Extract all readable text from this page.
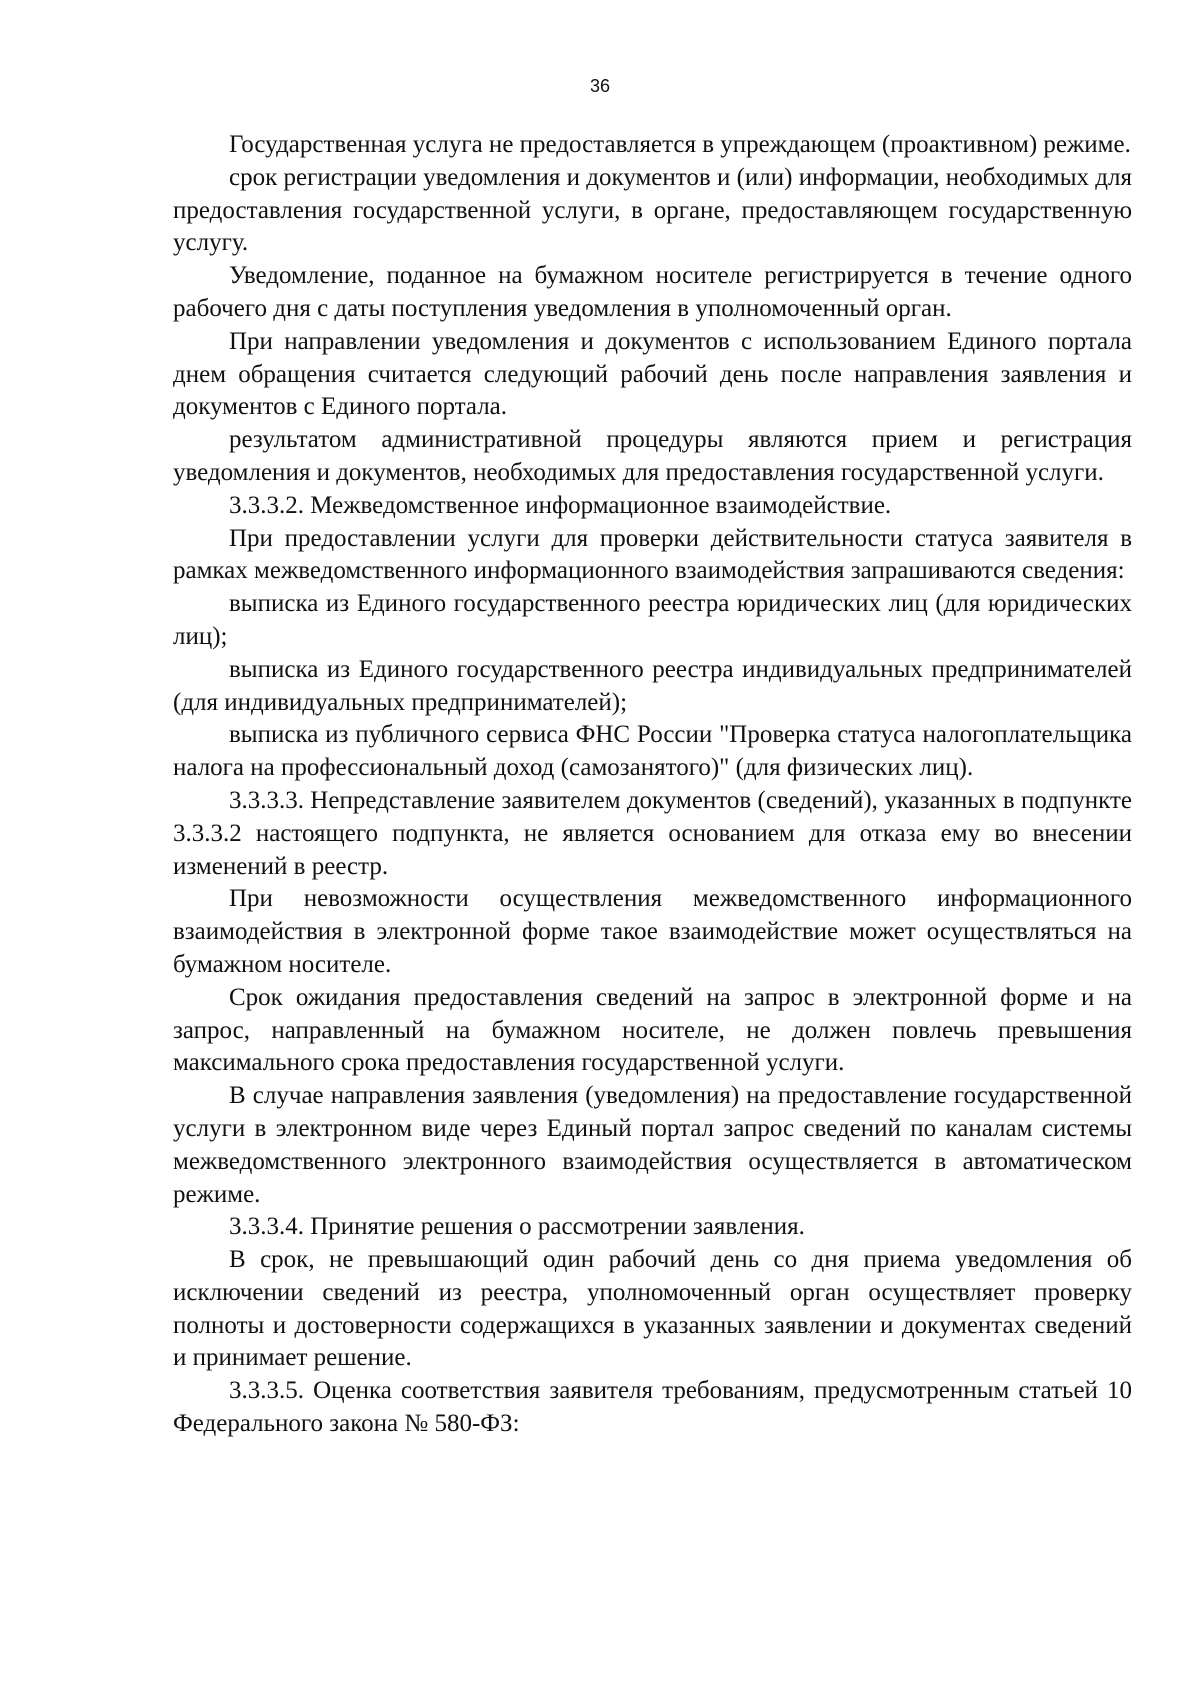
36

Государственная услуга не предоставляется в упреждающем (проактивном) режиме.

срок регистрации уведомления и документов и (или) информации, необходимых для предоставления государственной услуги, в органе, предоставляющем государственную услугу.

Уведомление, поданное на бумажном носителе регистрируется в течение одного рабочего дня с даты поступления уведомления в уполномоченный орган.

При направлении уведомления и документов с использованием Единого портала днем обращения считается следующий рабочий день после направления заявления и документов с Единого портала.

результатом административной процедуры являются прием и регистрация уведомления и документов, необходимых для предоставления государственной услуги.

3.3.3.2. Межведомственное информационное взаимодействие.

При предоставлении услуги для проверки действительности статуса заявителя в рамках межведомственного информационного взаимодействия запрашиваются сведения:

выписка из Единого государственного реестра юридических лиц (для юридических лиц);

выписка из Единого государственного реестра индивидуальных предпринимателей (для индивидуальных предпринимателей);

выписка из публичного сервиса ФНС России "Проверка статуса налогоплательщика налога на профессиональный доход (самозанятого)" (для физических лиц).

3.3.3.3. Непредставление заявителем документов (сведений), указанных в подпункте 3.3.3.2 настоящего подпункта, не является основанием для отказа ему во внесении изменений в реестр.

При невозможности осуществления межведомственного информационного взаимодействия в электронной форме такое взаимодействие может осуществляться на бумажном носителе.

Срок ожидания предоставления сведений на запрос в электронной форме и на запрос, направленный на бумажном носителе, не должен повлечь превышения максимального срока предоставления государственной услуги.

В случае направления заявления (уведомления) на предоставление государственной услуги в электронном виде через Единый портал запрос сведений по каналам системы межведомственного электронного взаимодействия осуществляется в автоматическом режиме.

3.3.3.4. Принятие решения о рассмотрении заявления.

В срок, не превышающий один рабочий день со дня приема уведомления об исключении сведений из реестра, уполномоченный орган осуществляет проверку полноты и достоверности содержащихся в указанных заявлении и документах сведений и принимает решение.

3.3.3.5. Оценка соответствия заявителя требованиям, предусмотренным статьей 10 Федерального закона № 580-ФЗ:
